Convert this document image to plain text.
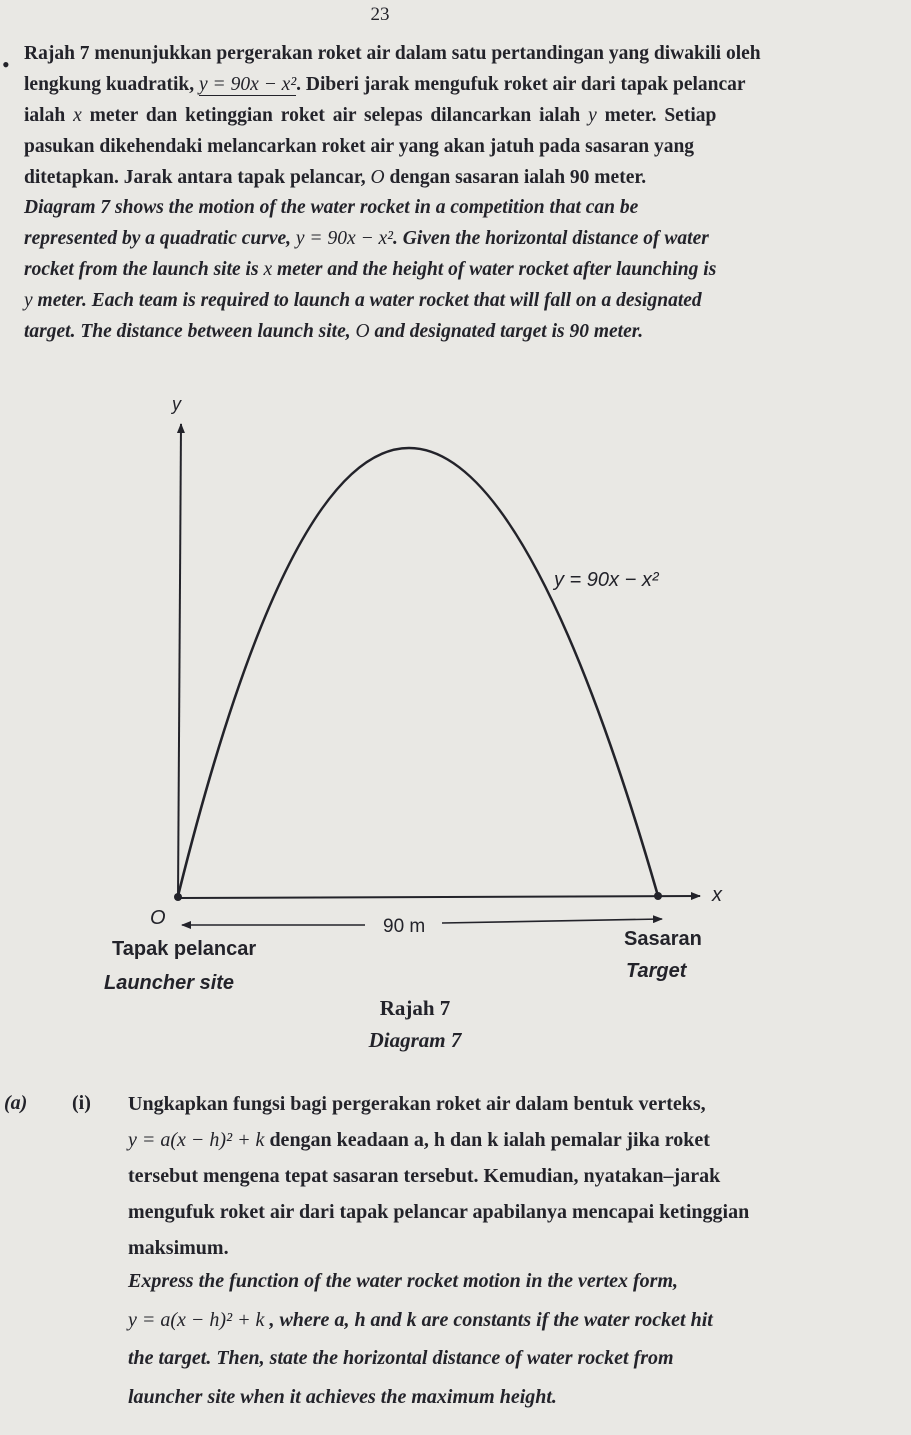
23
• Rajah 7 menunjukkan pergerakan roket air dalam satu pertandingan yang diwakili oleh
lengkung kuadratik, y = 90x − x². Diberi jarak mengufuk roket air dari tapak pelancar
ialah x meter dan ketinggian roket air selepas dilancarkan ialah y meter. Setiap
pasukan dikehendaki melancarkan roket air yang akan jatuh pada sasaran yang
ditetapkan. Jarak antara tapak pelancar, O dengan sasaran ialah 90 meter.
Diagram 7 shows the motion of the water rocket in a competition that can be
represented by a quadratic curve, y = 90x − x². Given the horizontal distance of water
rocket from the launch site is x meter and the height of water rocket after launching is
y meter. Each team is required to launch a water rocket that will fall on a designated
target. The distance between launch site, O and designated target is 90 meter.
y
x
y = 90x − x²
O	90 m
Tapak pelancar
Launcher site
Sasaran
Target
Rajah 7
Diagram 7
(a) (i) Ungkapkan fungsi bagi pergerakan roket air dalam bentuk verteks,
y = a(x − h)² + k dengan keadaan a, h dan k ialah pemalar jika roket
tersebut mengena tepat sasaran tersebut. Kemudian, nyatakan–jarak
mengufuk roket air dari tapak pelancar apabilanya mencapai ketinggian
maksimum.
Express the function of the water rocket motion in the vertex form,
y = a(x − h)² + k , where a, h and k are constants if the water rocket hit
the target. Then, state the horizontal distance of water rocket from
launcher site when it achieves the maximum height.
